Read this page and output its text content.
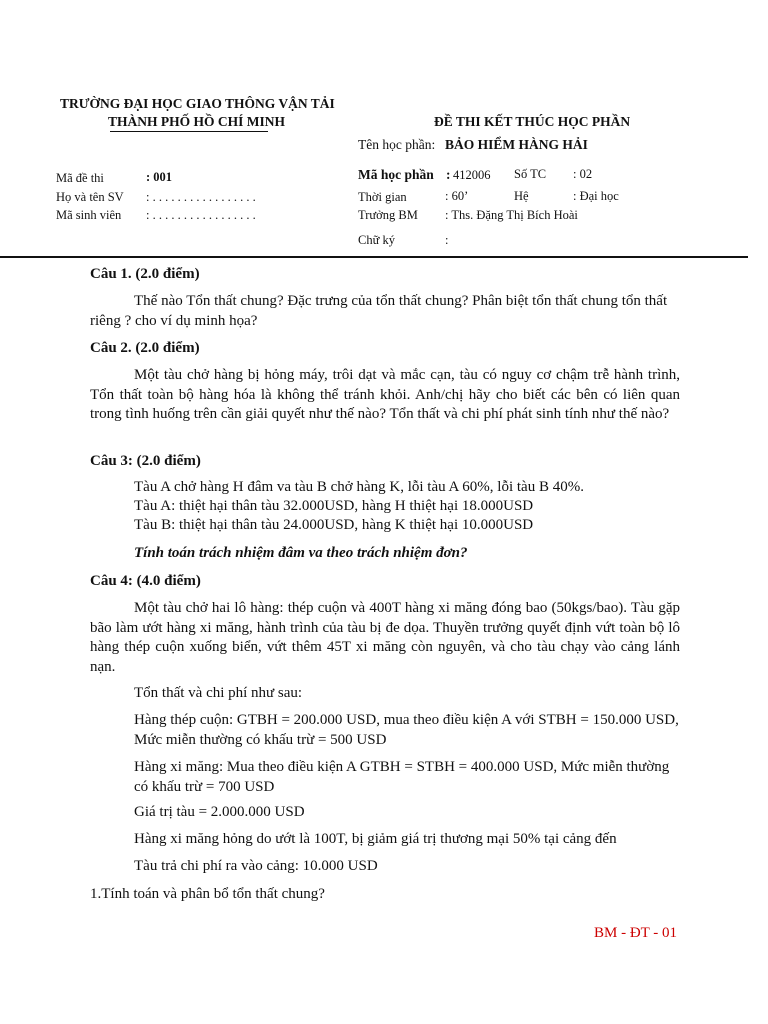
TRƯỜNG ĐẠI HỌC GIAO THÔNG VẬN TẢI
THÀNH PHỐ HỒ CHÍ MINH	ĐỀ THI KẾT THÚC HỌC PHẦN
Tên học phần: BẢO HIỂM HÀNG HẢI
Mã đề thi	: 001
Họ và tên SV : . . . . . . . . . . . . . . . . .
Mã sinh viên : . . . . . . . . . . . . . . . . .
Mã học phần : 412006 Số TC : 02
Thời gian	: 60’	Hệ	: Đại học
Trưởng BM : Ths. Đặng Thị Bích Hoài
Chữ ký	:
Câu 1. (2.0 điểm)
Thế nào Tổn thất chung? Đặc trưng của tổn thất chung? Phân biệt tổn thất chung tổn thất riêng ? cho ví dụ minh họa?
Câu 2. (2.0 điểm)
Một tàu chở hàng bị hỏng máy, trôi dạt và mắc cạn, tàu có nguy cơ chậm trễ hành trình, Tổn thất toàn bộ hàng hóa là không thể tránh khỏi. Anh/chị hãy cho biết các bên có liên quan trong tình huống trên cần giải quyết như thế nào? Tổn thất và chi phí phát sinh tính như thế nào?
Câu 3: (2.0 điểm)
Tàu A chở hàng H đâm va tàu B chở hàng K, lỗi tàu A 60%, lỗi tàu B 40%.
Tàu A: thiệt hại thân tàu 32.000USD, hàng H thiệt hại 18.000USD
Tàu B: thiệt hại thân tàu 24.000USD, hàng K thiệt hại 10.000USD
Tính toán trách nhiệm đâm va theo trách nhiệm đơn?
Câu 4: (4.0 điểm)
Một tàu chở hai lô hàng: thép cuộn và 400T hàng xi măng đóng bao (50kgs/bao). Tàu gặp bão làm ướt hàng xi măng, hành trình của tàu bị đe dọa. Thuyền trưởng quyết định vứt toàn bộ lô hàng thép cuộn xuống biển, vứt thêm 45T xi măng còn nguyên, và cho tàu chạy vào cảng lánh nạn.
Tổn thất và chi phí như sau:
Hàng thép cuộn: GTBH = 200.000 USD, mua theo điều kiện A với STBH = 150.000 USD, Mức miễn thường có khấu trừ = 500 USD
Hàng xi măng: Mua theo điều kiện A GTBH = STBH = 400.000 USD, Mức miễn thường có khấu trừ = 700 USD
Giá trị tàu = 2.000.000 USD
Hàng xi măng hỏng do ướt là 100T, bị giảm giá trị thương mại 50% tại cảng đến
Tàu trả chi phí ra vào cảng: 10.000 USD
1.Tính toán và phân bổ tổn thất chung?
BM - ĐT - 01
